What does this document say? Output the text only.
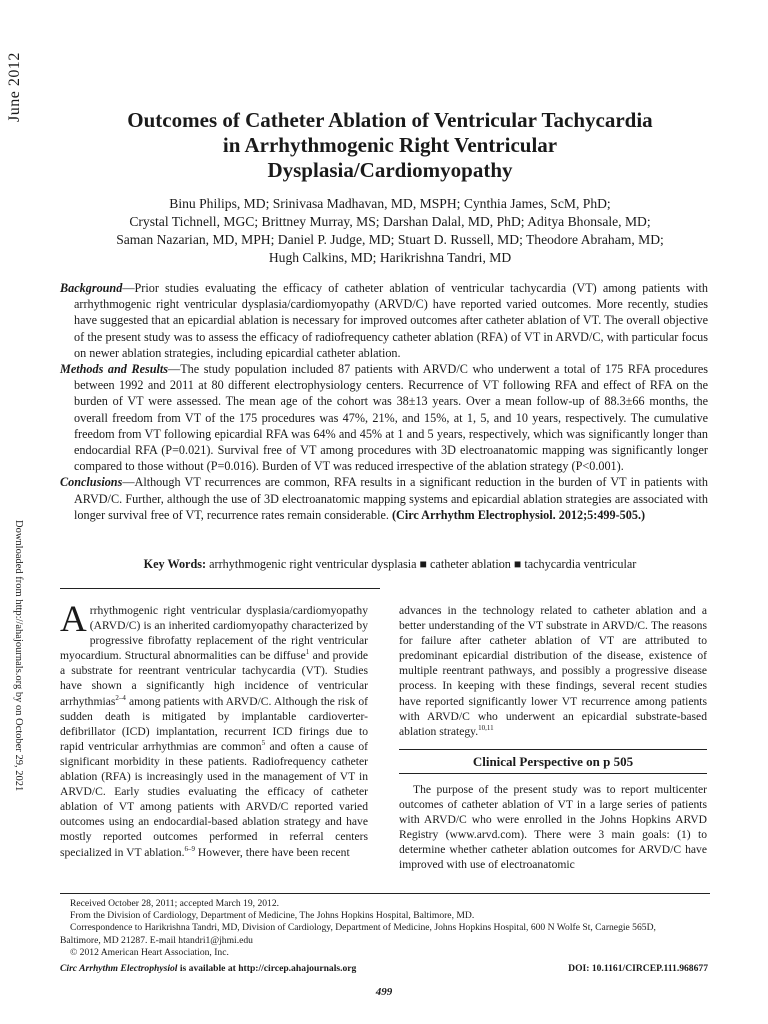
June 2012
Downloaded from http://ahajournals.org by on October 29, 2021
Outcomes of Catheter Ablation of Ventricular Tachycardia
in Arrhythmogenic Right Ventricular
Dysplasia/Cardiomyopathy
Binu Philips, MD; Srinivasa Madhavan, MD, MSPH; Cynthia James, ScM, PhD;
Crystal Tichnell, MGC; Brittney Murray, MS; Darshan Dalal, MD, PhD; Aditya Bhonsale, MD;
Saman Nazarian, MD, MPH; Daniel P. Judge, MD; Stuart D. Russell, MD; Theodore Abraham, MD;
Hugh Calkins, MD; Harikrishna Tandri, MD

Background—Prior studies evaluating the efficacy of catheter ablation of ventricular tachycardia (VT) among patients with arrhythmogenic right ventricular dysplasia/cardiomyopathy (ARVD/C) have reported varied outcomes. More recently, studies have suggested that an epicardial ablation is necessary for improved outcomes after catheter ablation of VT. The overall objective of the present study was to assess the efficacy of radiofrequency catheter ablation (RFA) of VT in ARVD/C, with particular focus on newer ablation strategies, including epicardial catheter ablation.

Methods and Results—The study population included 87 patients with ARVD/C who underwent a total of 175 RFA procedures between 1992 and 2011 at 80 different electrophysiology centers. Recurrence of VT following RFA and effect of RFA on the burden of VT were assessed. The mean age of the cohort was 38±13 years. Over a mean follow-up of 88.3±66 months, the overall freedom from VT of the 175 procedures was 47%, 21%, and 15%, at 1, 5, and 10 years, respectively. The cumulative freedom from VT following epicardial RFA was 64% and 45% at 1 and 5 years, respectively, which was significantly longer than endocardial RFA (P=0.021). Survival free of VT among procedures with 3D electroanatomic mapping was significantly longer compared to those without (P=0.016). Burden of VT was reduced irrespective of the ablation strategy (P<0.001).

Conclusions—Although VT recurrences are common, RFA results in a significant reduction in the burden of VT in patients with ARVD/C. Further, although the use of 3D electroanatomic mapping systems and epicardial ablation strategies are associated with longer survival free of VT, recurrence rates remain considerable. (Circ Arrhythm Electrophysiol. 2012;5:499-505.)

Key Words: arrhythmogenic right ventricular dysplasia ■ catheter ablation ■ tachycardia ventricular

Arrhythmogenic right ventricular dysplasia/cardiomyopathy (ARVD/C) is an inherited cardiomyopathy characterized by progressive fibrofatty replacement of the right ventricular myocardium. Structural abnormalities can be diffuse$^1$ and provide a substrate for reentrant ventricular tachycardia (VT). Studies have shown a significantly high incidence of ventricular arrhythmias$^{2-4}$ among patients with ARVD/C. Although the risk of sudden death is mitigated by implantable cardioverter-defibrillator (ICD) implantation, recurrent ICD firings due to rapid ventricular arrhythmias are common$^5$ and often a cause of significant morbidity in these patients. Radiofrequency catheter ablation (RFA) is increasingly used in the management of VT in ARVD/C. Early studies evaluating the efficacy of catheter ablation of VT among patients with ARVD/C reported varied outcomes using an endocardial-based ablation strategy and have mostly reported outcomes performed in referral centers specialized in VT ablation.$^{6-9}$ However, there have been recent

advances in the technology related to catheter ablation and a better understanding of the VT substrate in ARVD/C. The reasons for failure after catheter ablation of VT are attributed to predominant epicardial distribution of the disease, existence of multiple reentrant pathways, and possibly a progressive disease process. In keeping with these findings, several recent studies have reported significantly lower VT recurrence among patients with ARVD/C who underwent an epicardial substrate-based ablation strategy.$^{10,11}$

Clinical Perspective on p 505

The purpose of the present study was to report multicenter outcomes of catheter ablation of VT in a large series of patients with ARVD/C who were enrolled in the Johns Hopkins ARVD Registry (www.arvd.com). There were 3 main goals: (1) to determine whether catheter ablation outcomes for ARVD/C have improved with use of electroanatomic

Received October 28, 2011; accepted March 19, 2012.

From the Division of Cardiology, Department of Medicine, The Johns Hopkins Hospital, Baltimore, MD.

Correspondence to Harikrishna Tandri, MD, Division of Cardiology, Department of Medicine, Johns Hopkins Hospital, 600 N Wolfe St, Carnegie 565D,

Baltimore, MD 21287. E-mail htandri1@jhmi.edu

© 2012 American Heart Association, Inc.

Circ Arrhythm Electrophysiol is available at http://circep.ahajournals.org	DOI: 10.1161/CIRCEP.111.968677
499
